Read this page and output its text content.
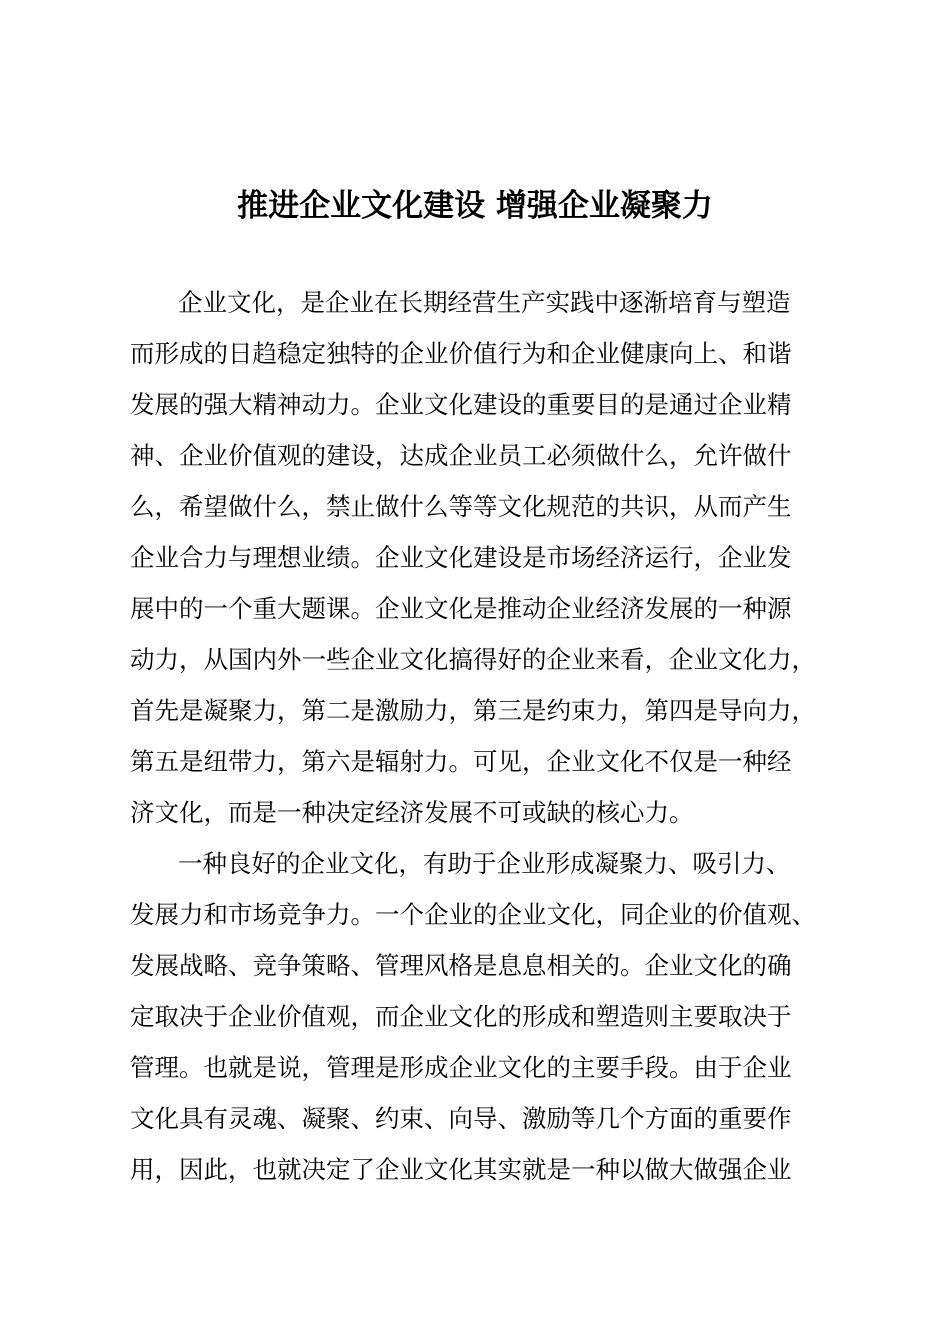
推进企业文化建设 增强企业凝聚力
企业文化，是企业在长期经营生产实践中逐渐培育与塑造
而形成的日趋稳定独特的企业价值行为和企业健康向上、和谐
发展的强大精神动力。企业文化建设的重要目的是通过企业精
神、企业价值观的建设，达成企业员工必须做什么，允许做什
么，希望做什么，禁止做什么等等文化规范的共识，从而产生
企业合力与理想业绩。企业文化建设是市场经济运行，企业发
展中的一个重大题课。企业文化是推动企业经济发展的一种源
动力，从国内外一些企业文化搞得好的企业来看，企业文化力，
首先是凝聚力，第二是激励力，第三是约束力，第四是导向力，
第五是纽带力，第六是辐射力。可见，企业文化不仅是一种经
济文化，而是一种决定经济发展不可或缺的核心力。
一种良好的企业文化，有助于企业形成凝聚力、吸引力、
发展力和市场竞争力。一个企业的企业文化，同企业的价值观、
发展战略、竞争策略、管理风格是息息相关的。企业文化的确
定取决于企业价值观，而企业文化的形成和塑造则主要取决于
管理。也就是说，管理是形成企业文化的主要手段。由于企业
文化具有灵魂、凝聚、约束、向导、激励等几个方面的重要作
用，因此，也就决定了企业文化其实就是一种以做大做强企业
